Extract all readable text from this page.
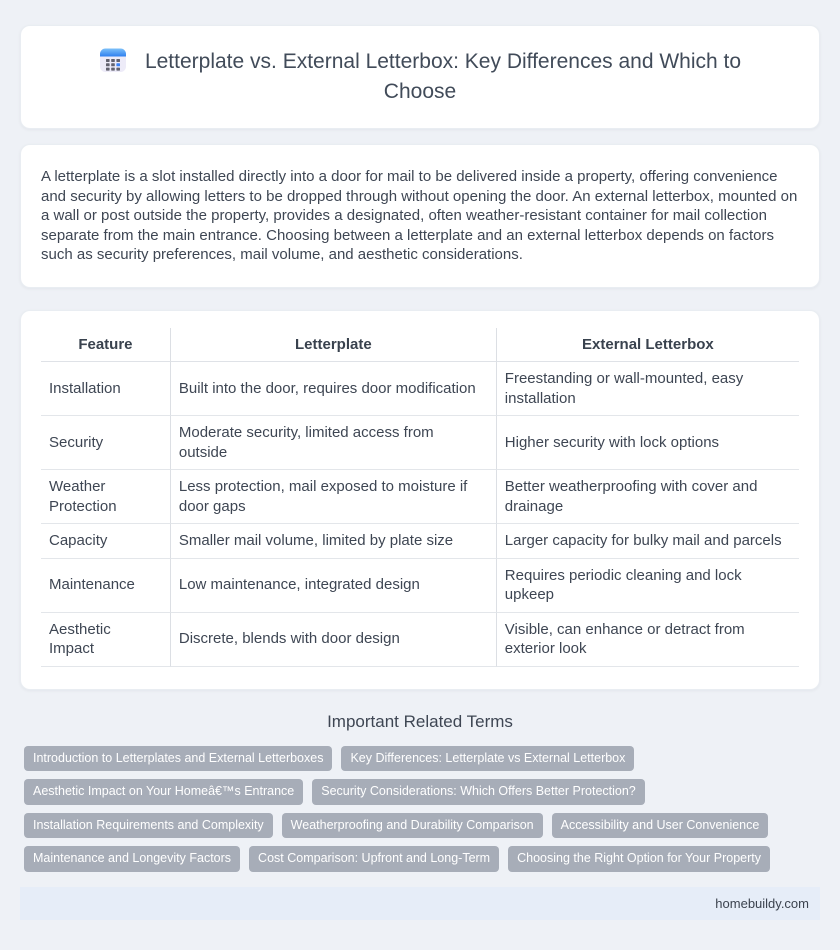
Letterplate vs. External Letterbox: Key Differences and Which to Choose

A letterplate is a slot installed directly into a door for mail to be delivered inside a property, offering convenience and security by allowing letters to be dropped through without opening the door. An external letterbox, mounted on a wall or post outside the property, provides a designated, often weather-resistant container for mail collection separate from the main entrance. Choosing between a letterplate and an external letterbox depends on factors such as security preferences, mail volume, and aesthetic considerations.

Feature	Letterplate	External Letterbox
Installation	Built into the door, requires door modification	Freestanding or wall-mounted, easy installation
Security	Moderate security, limited access from outside	Higher security with lock options
Weather Protection	Less protection, mail exposed to moisture if door gaps	Better weatherproofing with cover and drainage
Capacity	Smaller mail volume, limited by plate size	Larger capacity for bulky mail and parcels
Maintenance	Low maintenance, integrated design	Requires periodic cleaning and lock upkeep
Aesthetic Impact	Discrete, blends with door design	Visible, can enhance or detract from exterior look
Important Related Terms
Introduction to Letterplates and External Letterboxes	Key Differences: Letterplate vs External Letterbox
Aesthetic Impact on Your Homeâ€™s Entrance	Security Considerations: Which Offers Better Protection?
Installation Requirements and Complexity	Weatherproofing and Durability Comparison	Accessibility and User Convenience
Maintenance and Longevity Factors	Cost Comparison: Upfront and Long-Term	Choosing the Right Option for Your Property
homebuildy.com
